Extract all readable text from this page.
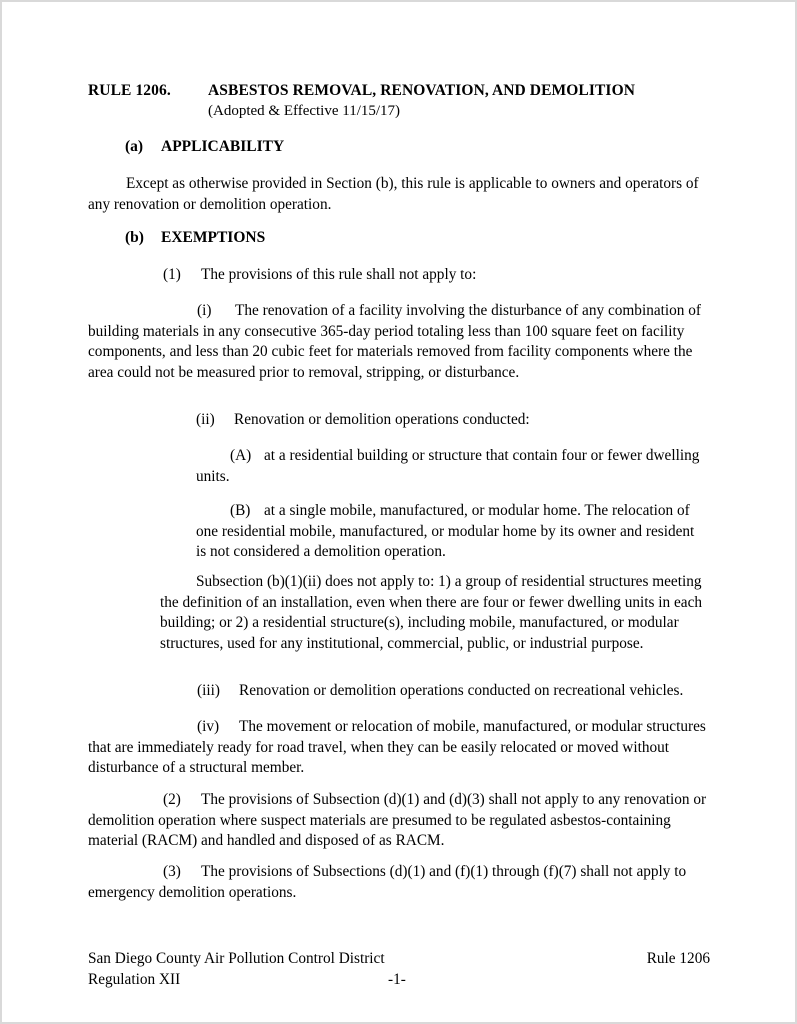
RULE 1206.	ASBESTOS REMOVAL, RENOVATION, AND DEMOLITION
(Adopted & Effective 11/15/17)
(a)	APPLICABILITY
Except as otherwise provided in Section (b), this rule is applicable to owners and operators of any renovation or demolition operation.
(b)	EXEMPTIONS
(1) The provisions of this rule shall not apply to:
(i) The renovation of a facility involving the disturbance of any combination of building materials in any consecutive 365-day period totaling less than 100 square feet on facility components, and less than 20 cubic feet for materials removed from facility components where the area could not be measured prior to removal, stripping, or disturbance.
(ii) Renovation or demolition operations conducted:
(A) at a residential building or structure that contain four or fewer dwelling units.
(B) at a single mobile, manufactured, or modular home. The relocation of one residential mobile, manufactured, or modular home by its owner and resident is not considered a demolition operation.
Subsection (b)(1)(ii) does not apply to: 1) a group of residential structures meeting the definition of an installation, even when there are four or fewer dwelling units in each building; or 2) a residential structure(s), including mobile, manufactured, or modular structures, used for any institutional, commercial, public, or industrial purpose.
(iii) Renovation or demolition operations conducted on recreational vehicles.
(iv) The movement or relocation of mobile, manufactured, or modular structures that are immediately ready for road travel, when they can be easily relocated or moved without disturbance of a structural member.
(2) The provisions of Subsection (d)(1) and (d)(3) shall not apply to any renovation or demolition operation where suspect materials are presumed to be regulated asbestos-containing material (RACM) and handled and disposed of as RACM.
(3) The provisions of Subsections (d)(1) and (f)(1) through (f)(7) shall not apply to emergency demolition operations.
San Diego County Air Pollution Control District	Rule 1206
Regulation XII	-1-
